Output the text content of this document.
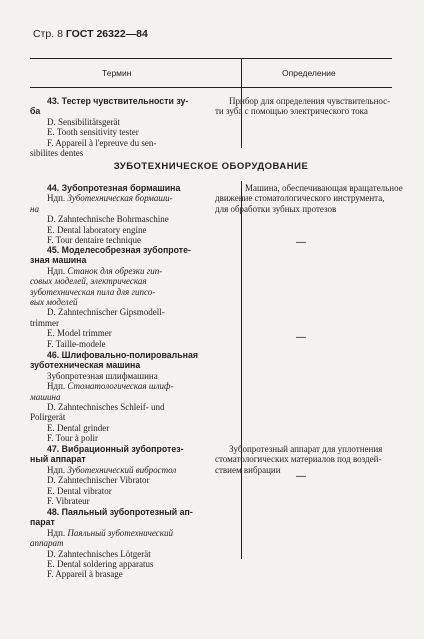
Стр. 8 ГОСТ 26322—84
Термин	Определение
43. Тестер чувствительности зу-
ба
D. Sensibilitätsgerät
E. Tooth sensitivity tester
F. Appareil à l'epreuve du sen-
sibilites dentes
Прибор для определения чувствительнос-
ти зуба с помощью электрического тока
ЗУБОТЕХНИЧЕСКОЕ ОБОРУДОВАНИЕ
44. Зубопротезная бормашина
Ндп. Зуботехническая бормаши-
на
D. Zahntechnische Bohrmaschine
E. Dental laboratory engine
F. Tour dentaire technique
Машина, обеспечивающая вращательное
движение стоматологического инструмента,
для обработки зубных протезов
45. Моделесобрезная зубопроте-
зная машина
Ндп. Станок для обрезки гип-
совых моделей, электрическая
зуботехническая пила для гипсо-
вых моделей
D. Zahntechnischer Gipsmodell-
trimmer
E. Model trimmer
F. Taille-modele
—
46. Шлифовально-полировальная
зуботехническая машина
Зубопротезная шлифмашина
Ндп. Стоматологическая шлиф-
машина
D. Zahntechnisches Schleif- und
Polirgerät
E. Dental grinder
F. Tour à polir
—
47. Вибрационный зубопротез-
ный аппарат
Ндп. Зуботехнический вибростол
D. Zahntechnischer Vibrator
E. Dental vibrator
F. Vibrateur
Зубопротезный аппарат для уплотнения
стоматологических материалов под воздей-
ствием вибрации
48. Паяльный зубопротезный ап-
парат
Ндп. Паяльный зуботехнический
аппарат
D. Zahntechnisches Lötgerät
E. Dental soldering apparatus
F. Appareil à brasage
—
